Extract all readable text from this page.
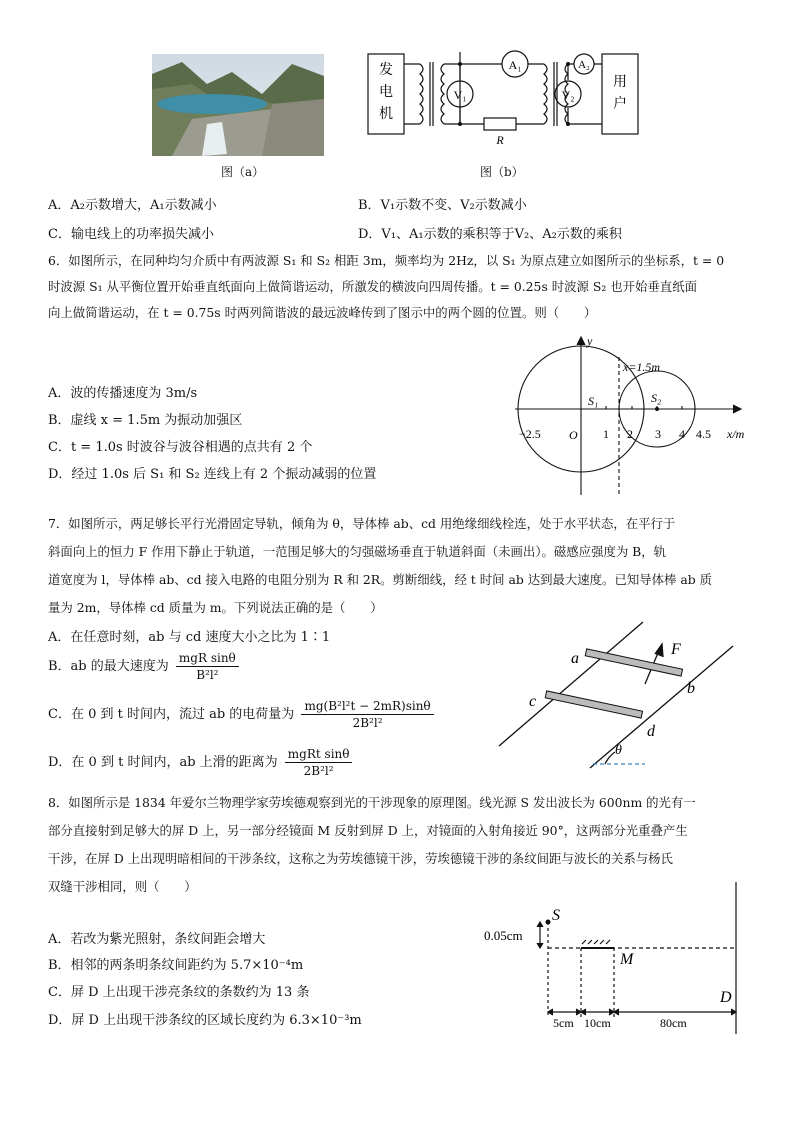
图（a）
发
电
机
用
户
V₁
A₁
V₂
A₂
R
图（b）
A．A₂示数增大，A₁示数减小	B．V₁示数不变、V₂示数减小
C．输电线上的功率损失减小	D．V₁、A₁示数的乘积等于V₂、A₂示数的乘积
6．如图所示，在同种均匀介质中有两波源 S₁ 和 S₂ 相距 3m，频率均为 2Hz，以 S₁ 为原点建立如图所示的坐标系，t = 0
时波源 S₁ 从平衡位置开始垂直纸面向上做简谐运动，所激发的横波向四周传播。t = 0.25s 时波源 S₂ 也开始垂直纸面
向上做简谐运动，在 t = 0.75s 时两列简谐波的最远波峰传到了图示中的两个圆的位置。则（　　）
A．波的传播速度为 3m/s
B．虚线 x = 1.5m 为振动加强区
C．t = 1.0s 时波谷与波谷相遇的点共有 2 个
D．经过 1.0s 后 S₁ 和 S₂ 连线上有 2 个振动减弱的位置
y
x/m
x=1.5m
S₁	S₂
O
−2.5	1 2 3 4 4.5
7．如图所示，两足够长平行光滑固定导轨，倾角为 θ，导体棒 ab、cd 用绝缘细线栓连，处于水平状态，在平行于
斜面向上的恒力 F 作用下静止于轨道，一范围足够大的匀强磁场垂直于轨道斜面（未画出）。磁感应强度为 B，轨
道宽度为 l，导体棒 ab、cd 接入电路的电阻分别为 R 和 2R。剪断细线，经 t 时间 ab 达到最大速度。已知导体棒 ab 质
量为 2m，导体棒 cd 质量为 m。下列说法正确的是（　　）
A．在任意时刻，ab 与 cd 速度大小之比为 1∶1
B．ab 的最大速度为 $\frac{\text{mgR sinθ}}{\text{B²l²}}$
C．在 0 到 t 时间内，流过 ab 的电荷量为 $\frac{\text{mg(B²l²t − 2mR)sinθ}}{\text{2B²l²}}$
D．在 0 到 t 时间内，ab 上滑的距离为 $\frac{\text{mgRt sinθ}}{\text{2B²l²}}$
a
b
c
d
F
θ
8．如图所示是 1834 年爱尔兰物理学家劳埃德观察到光的干涉现象的原理图。线光源 S 发出波长为 600nm 的光有一
部分直接射到足够大的屏 D 上，另一部分经镜面 M 反射到屏 D 上，对镜面的入射角接近 90°，这两部分光重叠产生
干涉，在屏 D 上出现明暗相间的干涉条纹，这称之为劳埃德镜干涉，劳埃德镜干涉的条纹间距与波长的关系与杨氏
双缝干涉相同，则（　　）
A．若改为紫光照射，条纹间距会增大
B．相邻的两条明条纹间距约为 5.7×10⁻⁴m
C．屏 D 上出现干涉亮条纹的条数约为 13 条
D．屏 D 上出现干涉条纹的区域长度约为 6.3×10⁻³m
S
M
D
0.05cm
5cm 10cm	80cm
